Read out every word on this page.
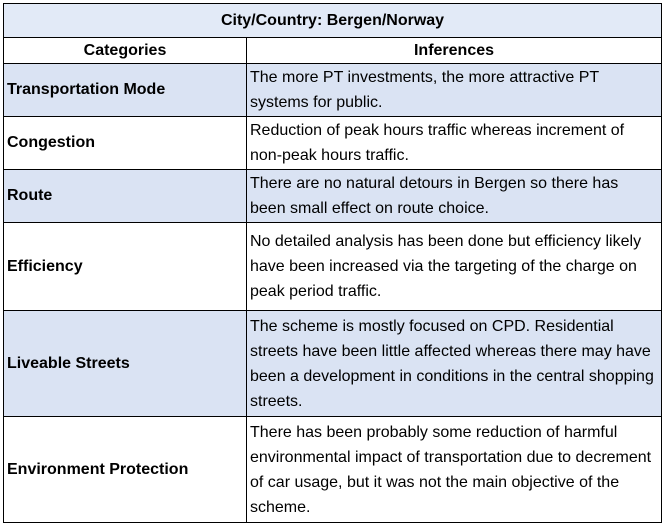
City/Country: Bergen/Norway	
Categories	Inferences
Transportation Mode	The more PT investments, the more attractive PT systems for public.
Congestion	Reduction of peak hours traffic whereas increment of non-peak hours traffic.
Route	There are no natural detours in Bergen so there has been small effect on route choice.
Efficiency	No detailed analysis has been done but efficiency likely have been increased via the targeting of the charge on peak period traffic.
Liveable Streets	The scheme is mostly focused on CPD. Residential streets have been little affected whereas there may have been a development in conditions in the central shopping streets.
Environment Protection	There has been probably some reduction of harmful environmental impact of transportation due to decrement of car usage, but it was not the main objective of the scheme.
